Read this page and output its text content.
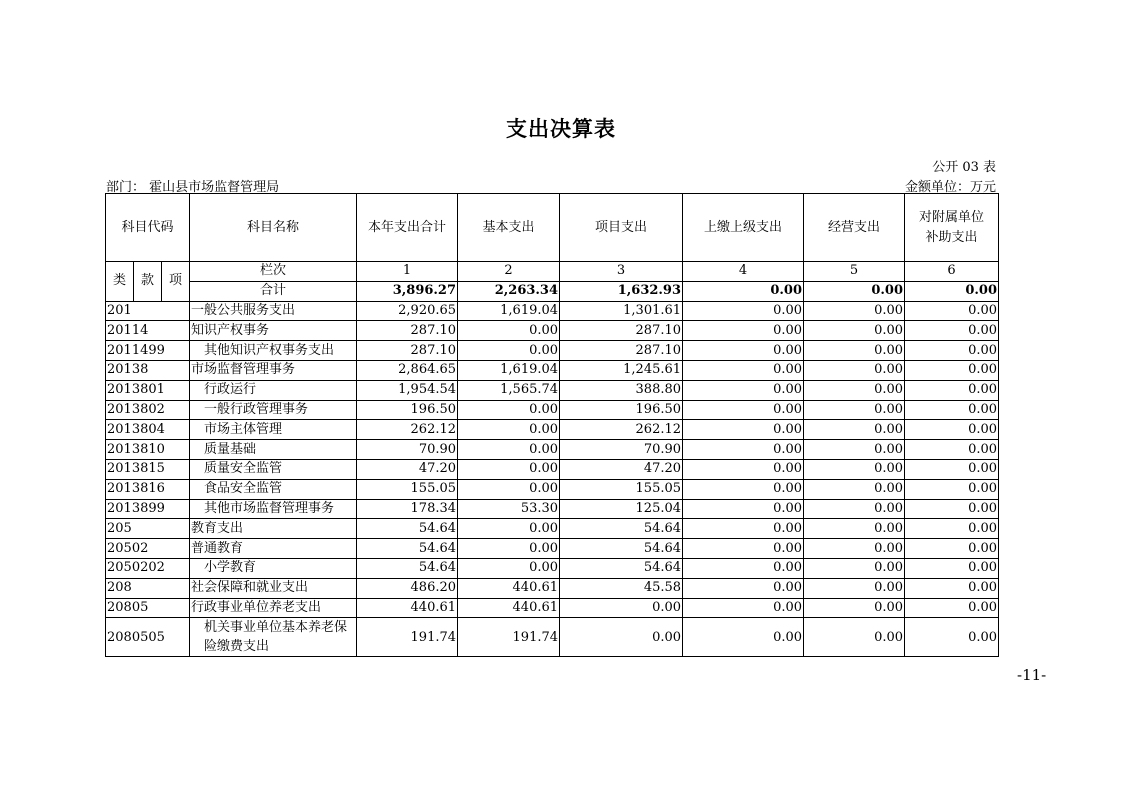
支出决算表
公开 03 表
部门： 霍山县市场监督管理局	金额单位：万元
科目代码			科目名称	本年支出合计	基本支出	项目支出	上缴上级支出	经营支出	对附属单位补助支出
类	款	项	栏次	1	2	3	4	5	6
			合计	3,896.27	2,263.34	1,632.93	0.00	0.00	0.00
201			一般公共服务支出	2,920.65	1,619.04	1,301.61	0.00	0.00	0.00
20114			知识产权事务	287.10	0.00	287.10	0.00	0.00	0.00
2011499			其他知识产权事务支出	287.10	0.00	287.10	0.00	0.00	0.00
20138			市场监督管理事务	2,864.65	1,619.04	1,245.61	0.00	0.00	0.00
2013801			行政运行	1,954.54	1,565.74	388.80	0.00	0.00	0.00
2013802			一般行政管理事务	196.50	0.00	196.50	0.00	0.00	0.00
2013804			市场主体管理	262.12	0.00	262.12	0.00	0.00	0.00
2013810			质量基础	70.90	0.00	70.90	0.00	0.00	0.00
2013815			质量安全监管	47.20	0.00	47.20	0.00	0.00	0.00
2013816			食品安全监管	155.05	0.00	155.05	0.00	0.00	0.00
2013899			其他市场监督管理事务	178.34	53.30	125.04	0.00	0.00	0.00
205			教育支出	54.64	0.00	54.64	0.00	0.00	0.00
20502			普通教育	54.64	0.00	54.64	0.00	0.00	0.00
2050202			小学教育	54.64	0.00	54.64	0.00	0.00	0.00
208			社会保障和就业支出	486.20	440.61	45.58	0.00	0.00	0.00
20805			行政事业单位养老支出	440.61	440.61	0.00	0.00	0.00	0.00
2080505			机关事业单位基本养老保险缴费支出	191.74	191.74	0.00	0.00	0.00	0.00
-11-
